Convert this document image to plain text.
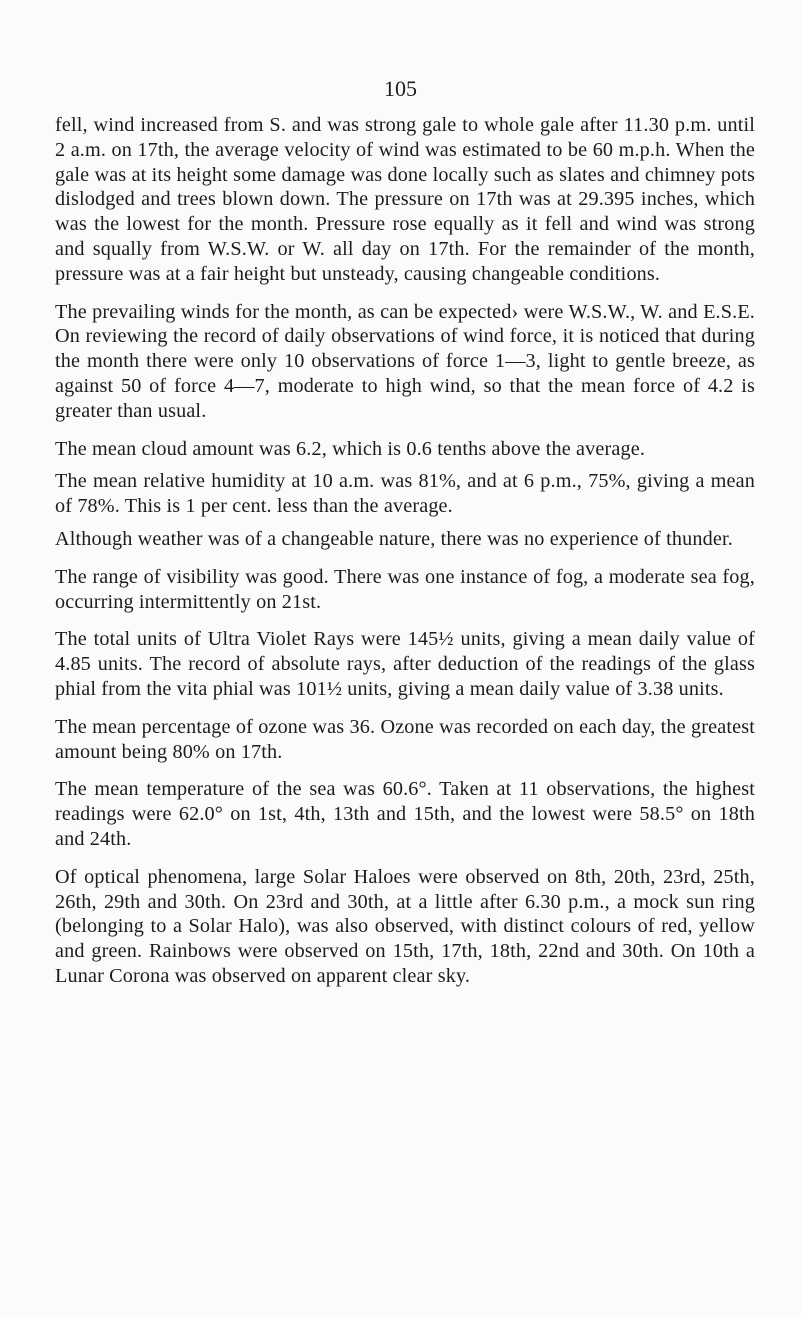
105

fell, wind increased from S. and was strong gale to whole gale after 11.30 p.m. until 2 a.m. on 17th, the average velocity of wind was estimated to be 60 m.p.h. When the gale was at its height some damage was done locally such as slates and chimney pots dislodged and trees blown down. The pressure on 17th was at 29.395 inches, which was the lowest for the month. Pressure rose equally as it fell and wind was strong and squally from W.S.W. or W. all day on 17th. For the remainder of the month, pressure was at a fair height but unsteady, causing changeable conditions.

The prevailing winds for the month, as can be expected› were W.S.W., W. and E.S.E. On reviewing the record of daily observations of wind force, it is noticed that during the month there were only 10 observations of force 1—3, light to gentle breeze, as against 50 of force 4—7, moderate to high wind, so that the mean force of 4.2 is greater than usual.

The mean cloud amount was 6.2, which is 0.6 tenths above the average.

The mean relative humidity at 10 a.m. was 81%, and at 6 p.m., 75%, giving a mean of 78%. This is 1 per cent. less than the average.

Although weather was of a changeable nature, there was no experience of thunder.

The range of visibility was good. There was one instance of fog, a moderate sea fog, occurring intermittently on 21st.

The total units of Ultra Violet Rays were 145½ units, giving a mean daily value of 4.85 units. The record of absolute rays, after deduction of the readings of the glass phial from the vita phial was 101½ units, giving a mean daily value of 3.38 units.

The mean percentage of ozone was 36. Ozone was recorded on each day, the greatest amount being 80% on 17th.

The mean temperature of the sea was 60.6°. Taken at 11 observations, the highest readings were 62.0° on 1st, 4th, 13th and 15th, and the lowest were 58.5° on 18th and 24th.

Of optical phenomena, large Solar Haloes were observed on 8th, 20th, 23rd, 25th, 26th, 29th and 30th. On 23rd and 30th, at a little after 6.30 p.m., a mock sun ring (belonging to a Solar Halo), was also observed, with distinct colours of red, yellow and green. Rainbows were observed on 15th, 17th, 18th, 22nd and 30th. On 10th a Lunar Corona was observed on apparent clear sky.
